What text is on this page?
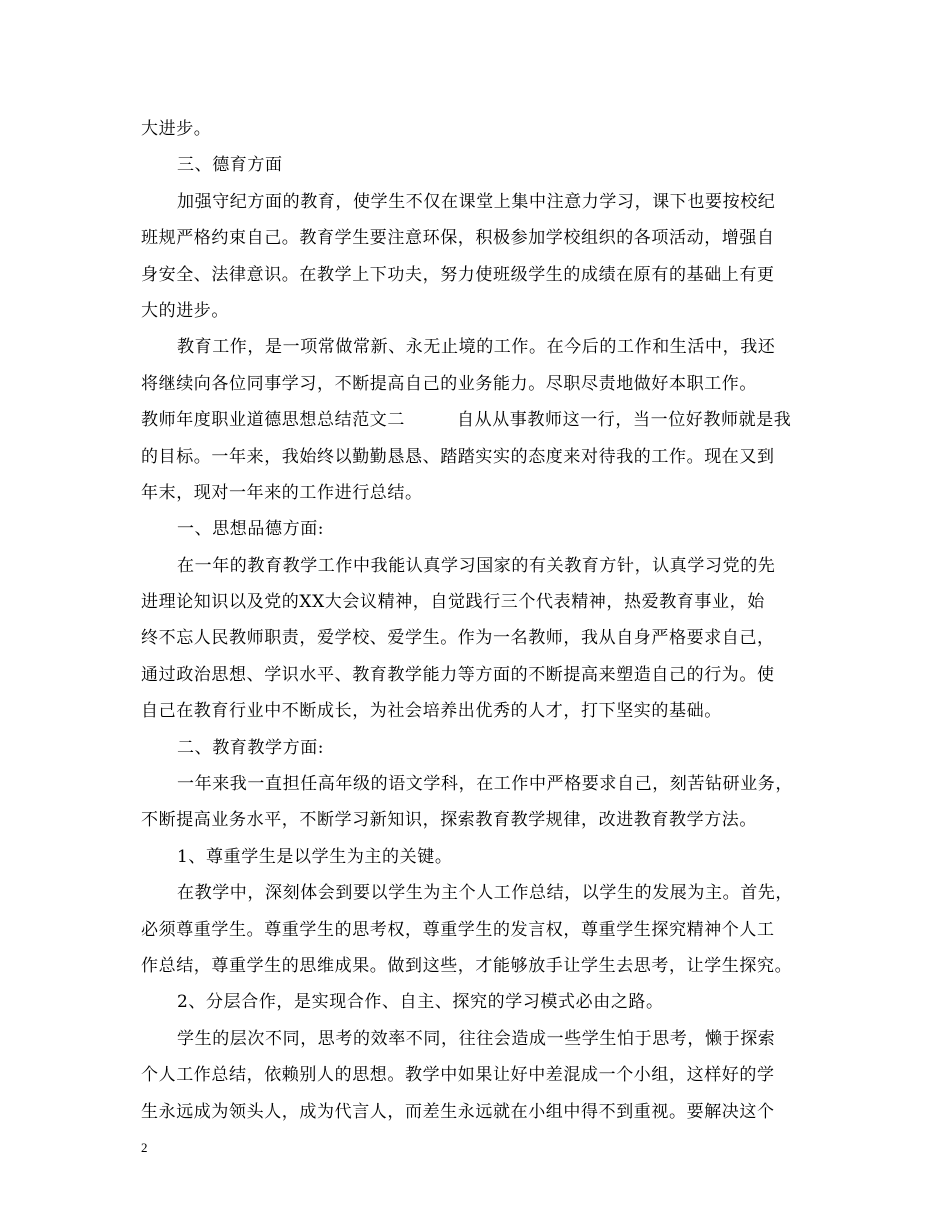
大进步。
三、德育方面
加强守纪方面的教育，使学生不仅在课堂上集中注意力学习，课下也要按校纪
班规严格约束自己。教育学生要注意环保，积极参加学校组织的各项活动，增强自
身安全、法律意识。在教学上下功夫，努力使班级学生的成绩在原有的基础上有更
大的进步。
教育工作，是一项常做常新、永无止境的工作。在今后的工作和生活中，我还
将继续向各位同事学习，不断提高自己的业务能力。尽职尽责地做好本职工作。
教师年度职业道德思想总结范文二	自从从事教师这一行，当一位好教师就是我
的目标。一年来，我始终以勤勤恳恳、踏踏实实的态度来对待我的工作。现在又到
年末，现对一年来的工作进行总结。
一、思想品德方面:
在一年的教育教学工作中我能认真学习国家的有关教育方针，认真学习党的先
进理论知识以及党的XX大会议精神，自觉践行三个代表精神，热爱教育事业，始
终不忘人民教师职责，爱学校、爱学生。作为一名教师，我从自身严格要求自己，
通过政治思想、学识水平、教育教学能力等方面的不断提高来塑造自己的行为。使
自己在教育行业中不断成长，为社会培养出优秀的人才，打下坚实的基础。
二、教育教学方面:
一年来我一直担任高年级的语文学科，在工作中严格要求自己，刻苦钻研业务，
不断提高业务水平，不断学习新知识，探索教育教学规律，改进教育教学方法。
1、尊重学生是以学生为主的关键。
在教学中，深刻体会到要以学生为主个人工作总结，以学生的发展为主。首先，
必须尊重学生。尊重学生的思考权，尊重学生的发言权，尊重学生探究精神个人工
作总结，尊重学生的思维成果。做到这些，才能够放手让学生去思考，让学生探究。
2、分层合作，是实现合作、自主、探究的学习模式必由之路。
学生的层次不同，思考的效率不同，往往会造成一些学生怕于思考，懒于探索
个人工作总结，依赖别人的思想。教学中如果让好中差混成一个小组，这样好的学
生永远成为领头人，成为代言人，而差生永远就在小组中得不到重视。要解决这个
2
